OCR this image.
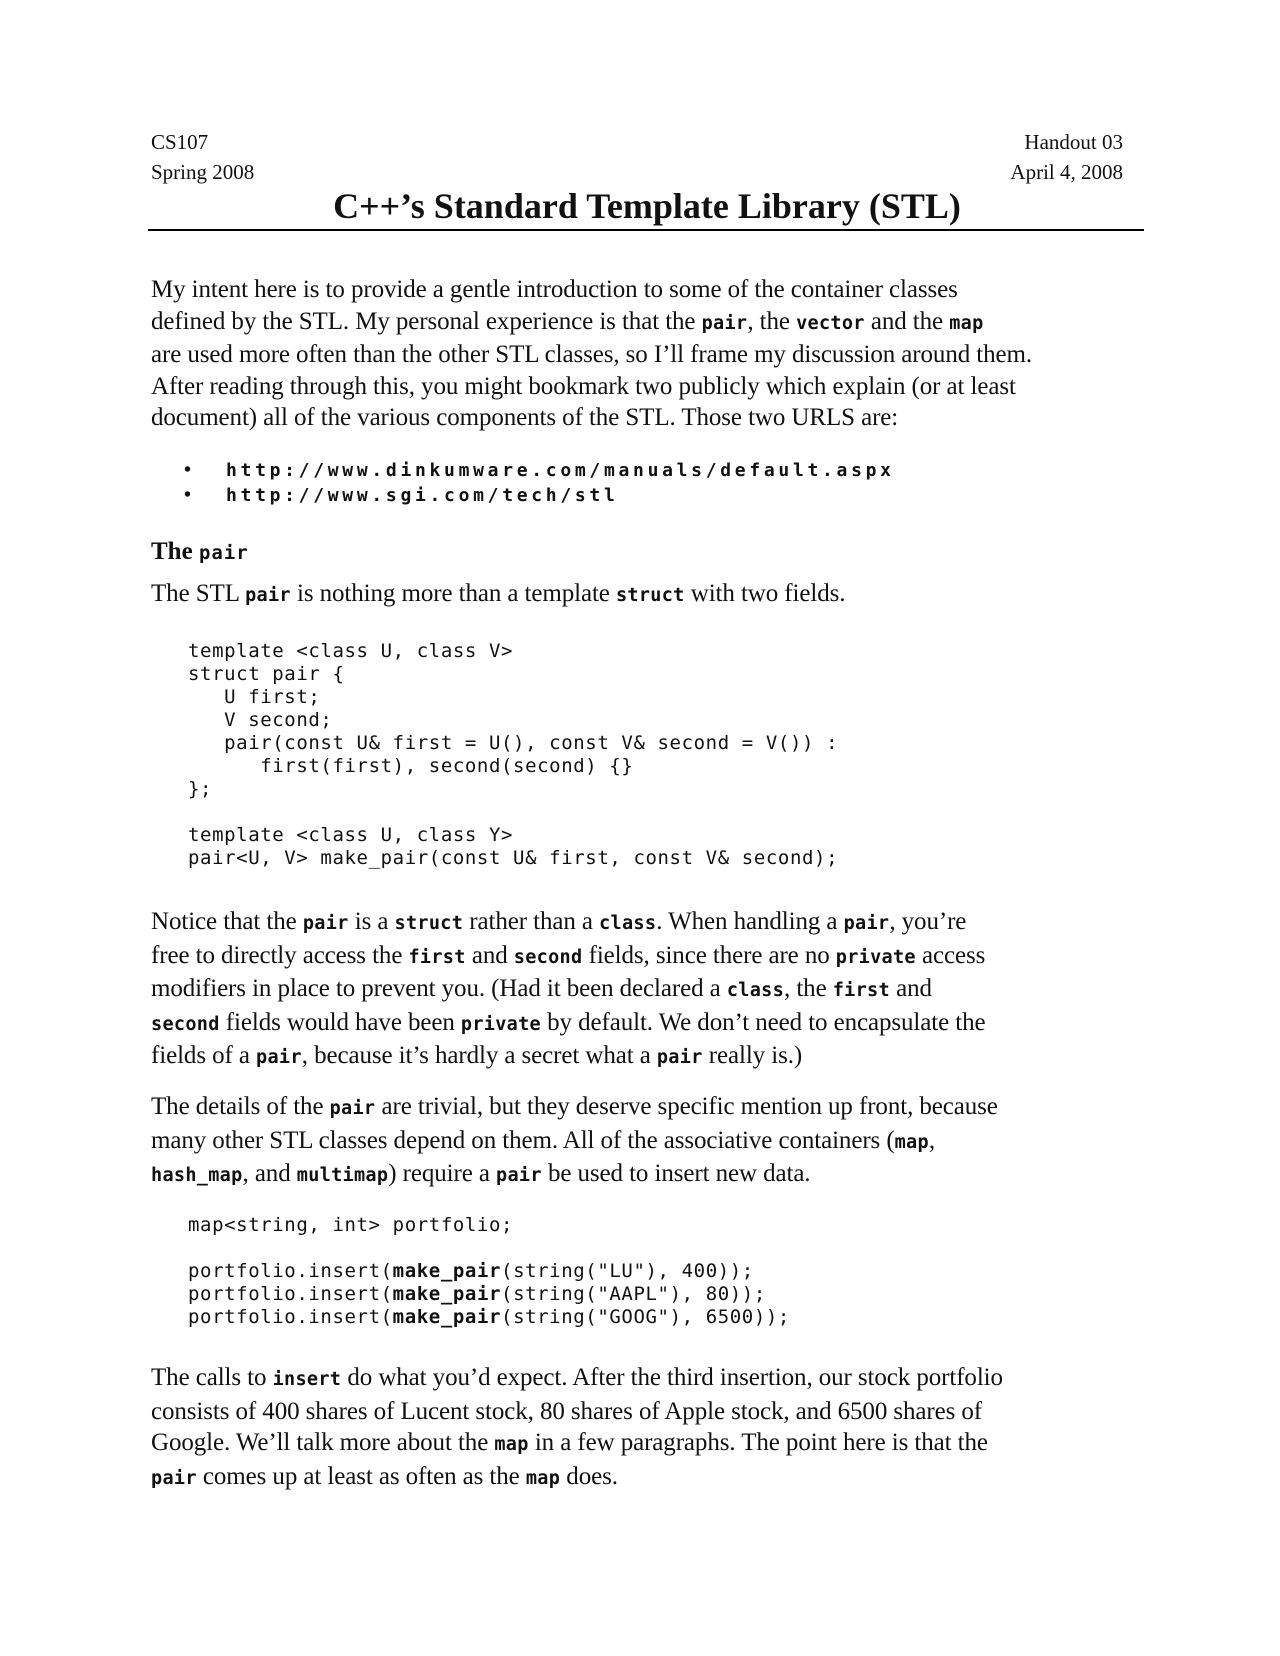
CS107
Spring 2008
Handout 03
April 4, 2008
C++’s Standard Template Library (STL)

My intent here is to provide a gentle introduction to some of the container classes
defined by the STL. My personal experience is that the pair, the vector and the map
are used more often than the other STL classes, so I’ll frame my discussion around them.
After reading through this, you might bookmark two publicly which explain (or at least
document) all of the various components of the STL. Those two URLS are:

• http://www.dinkumware.com/manuals/default.aspx
• http://www.sgi.com/tech/stl
The pair

The STL pair is nothing more than a template struct with two fields.

template <class U, class V>
struct pair {
U first;
V second;
pair(const U& first = U(), const V& second = V()) :
first(first), second(second) {}
};

template <class U, class Y>
pair<U, V> make_pair(const U& first, const V& second);

Notice that the pair is a struct rather than a class. When handling a pair, you’re
free to directly access the first and second fields, since there are no private access
modifiers in place to prevent you. (Had it been declared a class, the first and
second fields would have been private by default. We don’t need to encapsulate the
fields of a pair, because it’s hardly a secret what a pair really is.)

The details of the pair are trivial, but they deserve specific mention up front, because
many other STL classes depend on them. All of the associative containers (map,
hash_map, and multimap) require a pair be used to insert new data.

map<string, int> portfolio;

portfolio.insert(make_pair(string("LU"), 400));
portfolio.insert(make_pair(string("AAPL"), 80));
portfolio.insert(make_pair(string("GOOG"), 6500));

The calls to insert do what you’d expect. After the third insertion, our stock portfolio
consists of 400 shares of Lucent stock, 80 shares of Apple stock, and 6500 shares of
Google. We’ll talk more about the map in a few paragraphs. The point here is that the
pair comes up at least as often as the map does.
